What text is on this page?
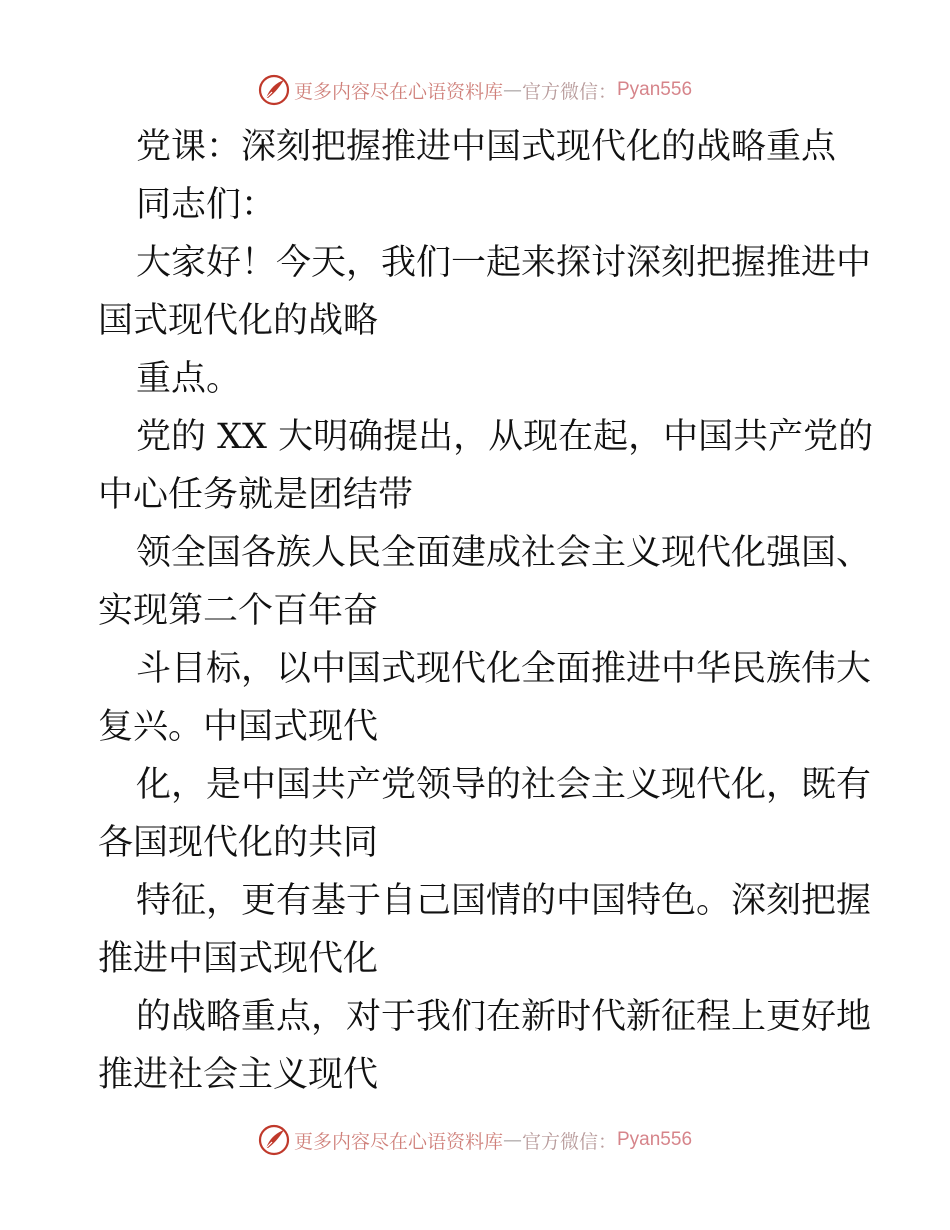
更多内容尽在心语资料库 — 官方微信： Pyan556
党课：深刻把握推进中国式现代化的战略重点
同志们：
大家好！今天，我们一起来探讨深刻把握推进中
国式现代化的战略
重点。
党的 XX 大明确提出，从现在起，中国共产党的
中心任务就是团结带
领全国各族人民全面建成社会主义现代化强国、
实现第二个百年奋
斗目标，以中国式现代化全面推进中华民族伟大
复兴。中国式现代
化，是中国共产党领导的社会主义现代化，既有
各国现代化的共同
特征，更有基于自己国情的中国特色。深刻把握
推进中国式现代化
的战略重点，对于我们在新时代新征程上更好地
推进社会主义现代
更多内容尽在心语资料库 — 官方微信： Pyan556
